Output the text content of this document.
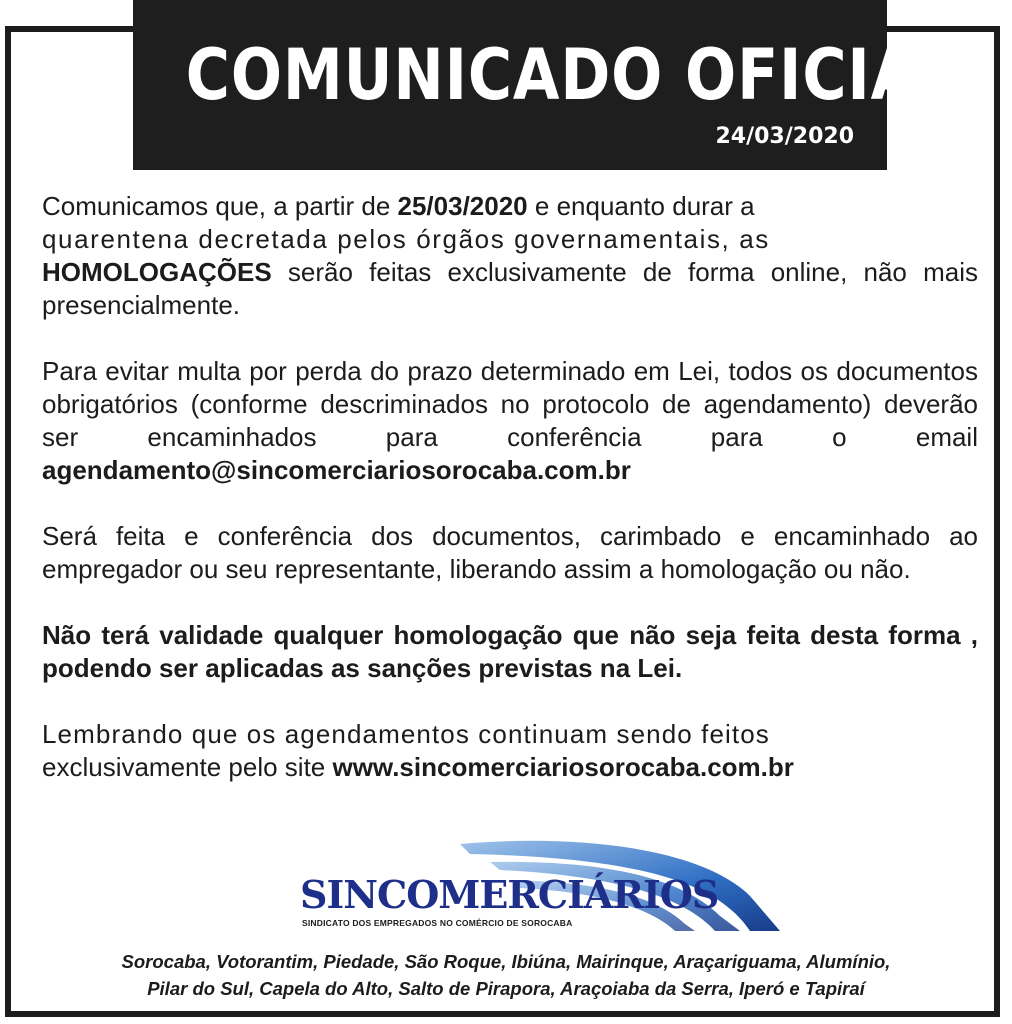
COMUNICADO OFICIAL
24/03/2020

Comunicamos que, a partir de 25/03/2020 e enquanto durar a
quarentena decretada pelos órgãos governamentais, as
HOMOLOGAÇÕES serão feitas exclusivamente de forma online, não mais presencialmente.

Para evitar multa por perda do prazo determinado em Lei, todos os documentos obrigatórios (conforme descriminados no protocolo de agendamento) deverão ser encaminhados para conferência para o email agendamento@sincomerciariosorocaba.com.br

Será feita e conferência dos documentos, carimbado e encaminhado ao empregador ou seu representante, liberando assim a homologação ou não.

Não terá validade qualquer homologação que não seja feita desta forma , podendo ser aplicadas as sanções previstas na Lei.

Lembrando que os agendamentos continuam sendo feitos
exclusivamente pelo site www.sincomerciariosorocaba.com.br

SINCOMERCIÁRIOS
SINDICATO DOS EMPREGADOS NO COMÉRCIO DE SOROCABA
Sorocaba, Votorantim, Piedade, São Roque, Ibiúna, Mairinque, Araçariguama, Alumínio,
Pilar do Sul, Capela do Alto, Salto de Pirapora, Araçoiaba da Serra, Iperó e Tapiraí
